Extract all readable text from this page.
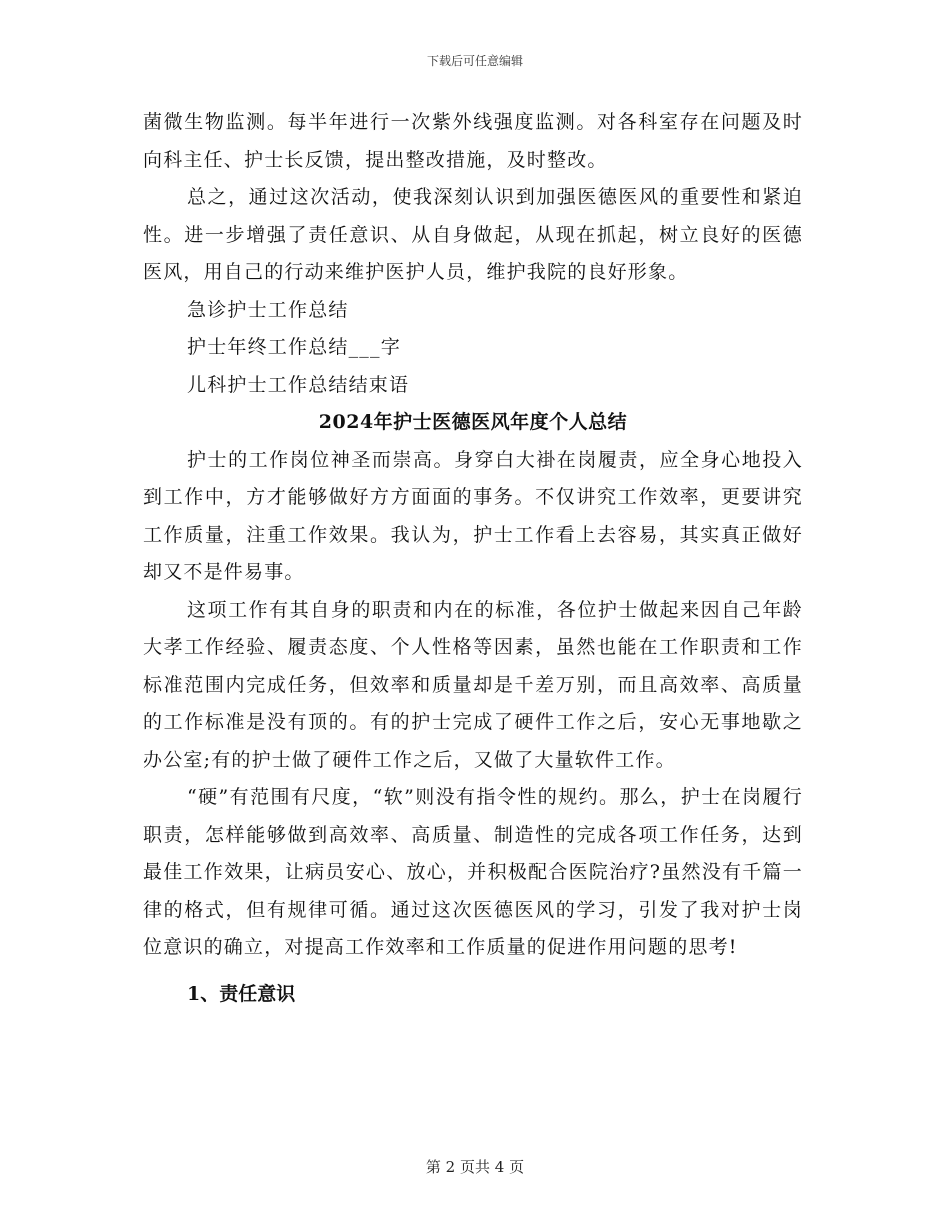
下载后可任意编辑

菌微生物监测。每半年进行一次紫外线强度监测。对各科室存在问题及时向科主任、护士长反馈，提出整改措施，及时整改。

总之，通过这次活动，使我深刻认识到加强医德医风的重要性和紧迫性。进一步增强了责任意识、从自身做起，从现在抓起，树立良好的医德医风，用自己的行动来维护医护人员，维护我院的良好形象。

急诊护士工作总结

护士年终工作总结___字

儿科护士工作总结结束语

2024年护士医德医风年度个人总结

护士的工作岗位神圣而崇高。身穿白大褂在岗履责，应全身心地投入到工作中，方才能够做好方方面面的事务。不仅讲究工作效率，更要讲究工作质量，注重工作效果。我认为，护士工作看上去容易，其实真正做好却又不是件易事。

这项工作有其自身的职责和内在的标准，各位护士做起来因自己年龄大孝工作经验、履责态度、个人性格等因素，虽然也能在工作职责和工作标准范围内完成任务，但效率和质量却是千差万别，而且高效率、高质量的工作标准是没有顶的。有的护士完成了硬件工作之后，安心无事地歇之办公室;有的护士做了硬件工作之后，又做了大量软件工作。

“硬”有范围有尺度，“软”则没有指令性的规约。那么，护士在岗履行职责，怎样能够做到高效率、高质量、制造性的完成各项工作任务，达到最佳工作效果，让病员安心、放心，并积极配合医院治疗?虽然没有千篇一律的格式，但有规律可循。通过这次医德医风的学习，引发了我对护士岗位意识的确立，对提高工作效率和工作质量的促进作用问题的思考!

1、责任意识

第 2 页共 4 页
